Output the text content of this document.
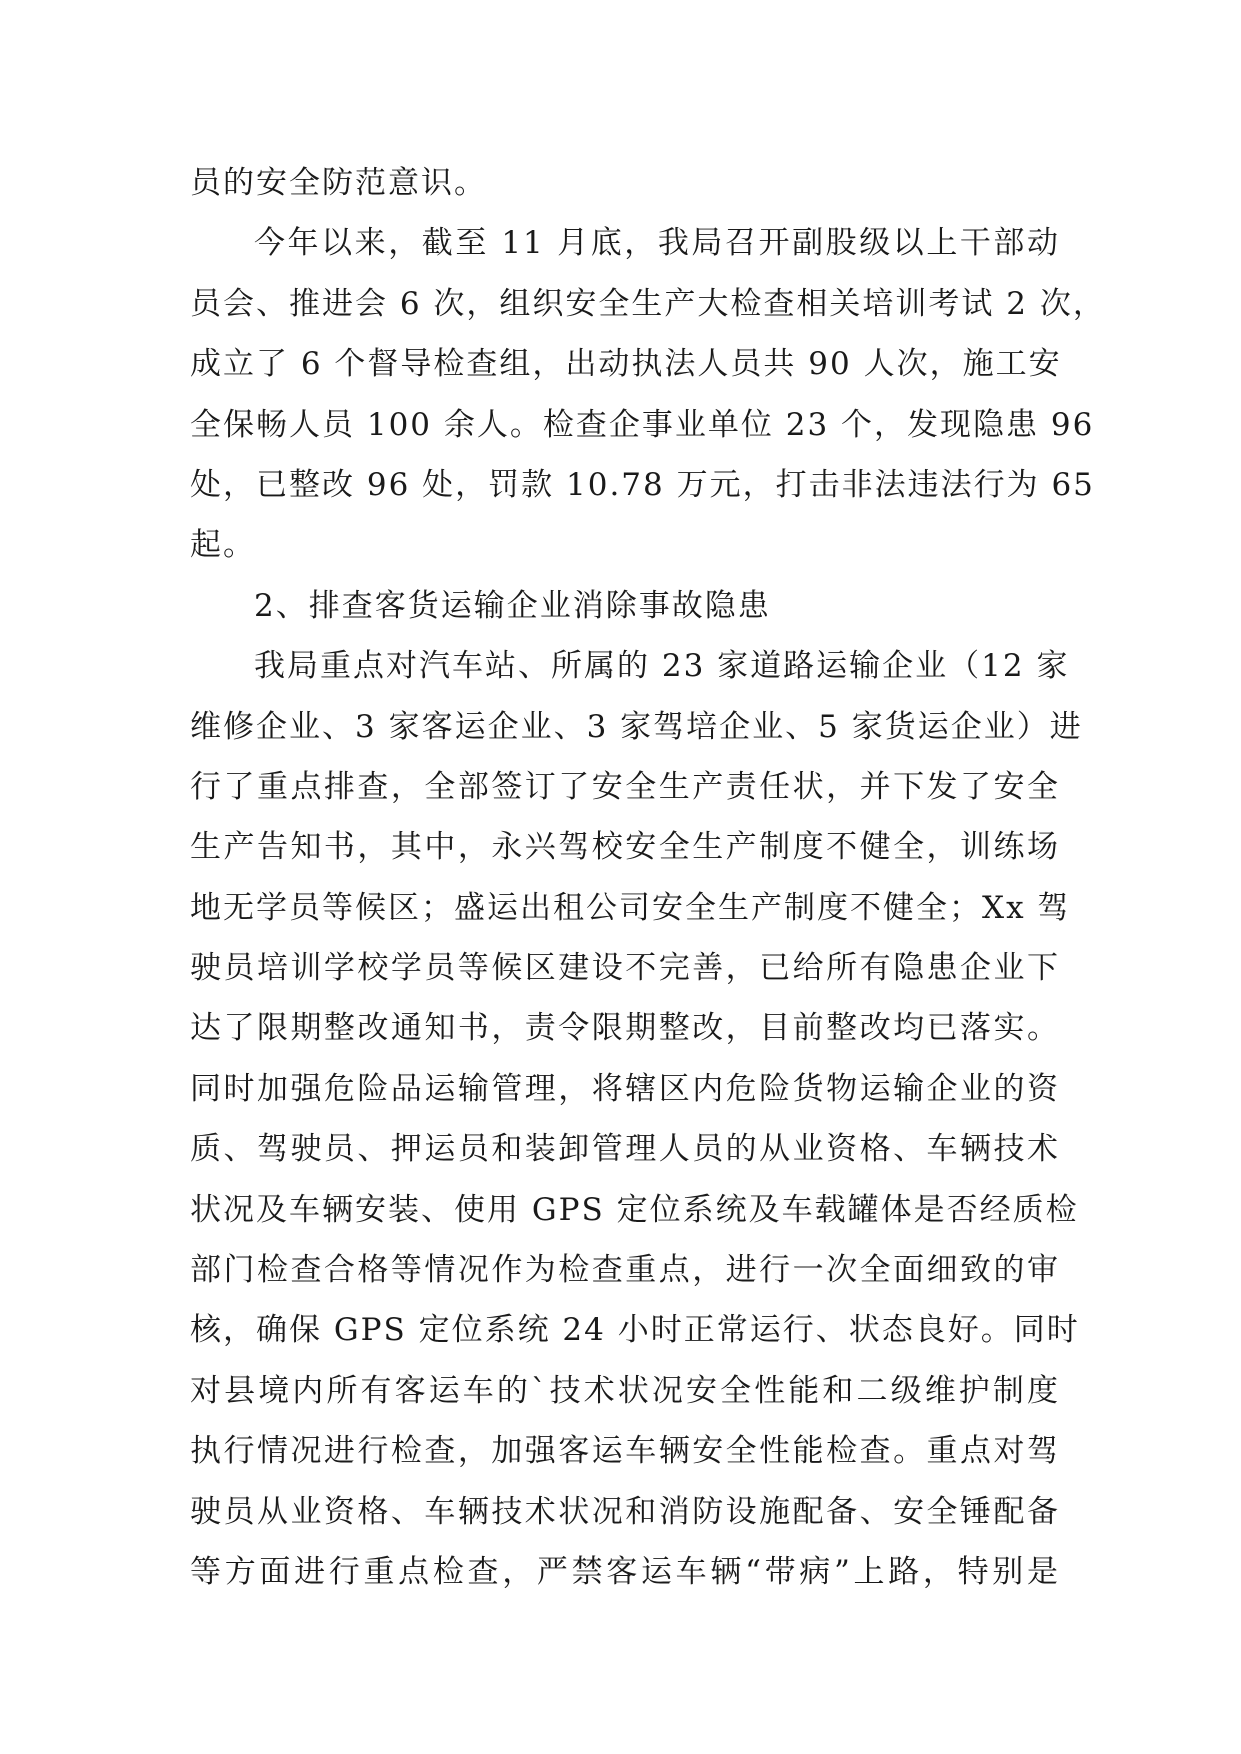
员的安全防范意识。
今年以来，截至 11 月底，我局召开副股级以上干部动
员会、推进会 6 次，组织安全生产大检查相关培训考试 2 次，
成立了 6 个督导检查组，出动执法人员共 90 人次，施工安
全保畅人员 100 余人。检查企事业单位 23 个，发现隐患 96
处，已整改 96 处，罚款 10.78 万元，打击非法违法行为 65
起。
2、排查客货运输企业消除事故隐患
我局重点对汽车站、所属的 23 家道路运输企业（12 家
维修企业、3 家客运企业、3 家驾培企业、5 家货运企业）进
行了重点排查，全部签订了安全生产责任状，并下发了安全
生产告知书，其中，永兴驾校安全生产制度不健全，训练场
地无学员等候区；盛运出租公司安全生产制度不健全；Xx 驾
驶员培训学校学员等候区建设不完善，已给所有隐患企业下
达了限期整改通知书，责令限期整改，目前整改均已落实。
同时加强危险品运输管理，将辖区内危险货物运输企业的资
质、驾驶员、押运员和装卸管理人员的从业资格、车辆技术
状况及车辆安装、使用 GPS 定位系统及车载罐体是否经质检
部门检查合格等情况作为检查重点，进行一次全面细致的审
核，确保 GPS 定位系统 24 小时正常运行、状态良好。同时
对县境内所有客运车的`技术状况安全性能和二级维护制度
执行情况进行检查，加强客运车辆安全性能检查。重点对驾
驶员从业资格、车辆技术状况和消防设施配备、安全锤配备
等方面进行重点检查，严禁客运车辆“带病”上路，特别是
